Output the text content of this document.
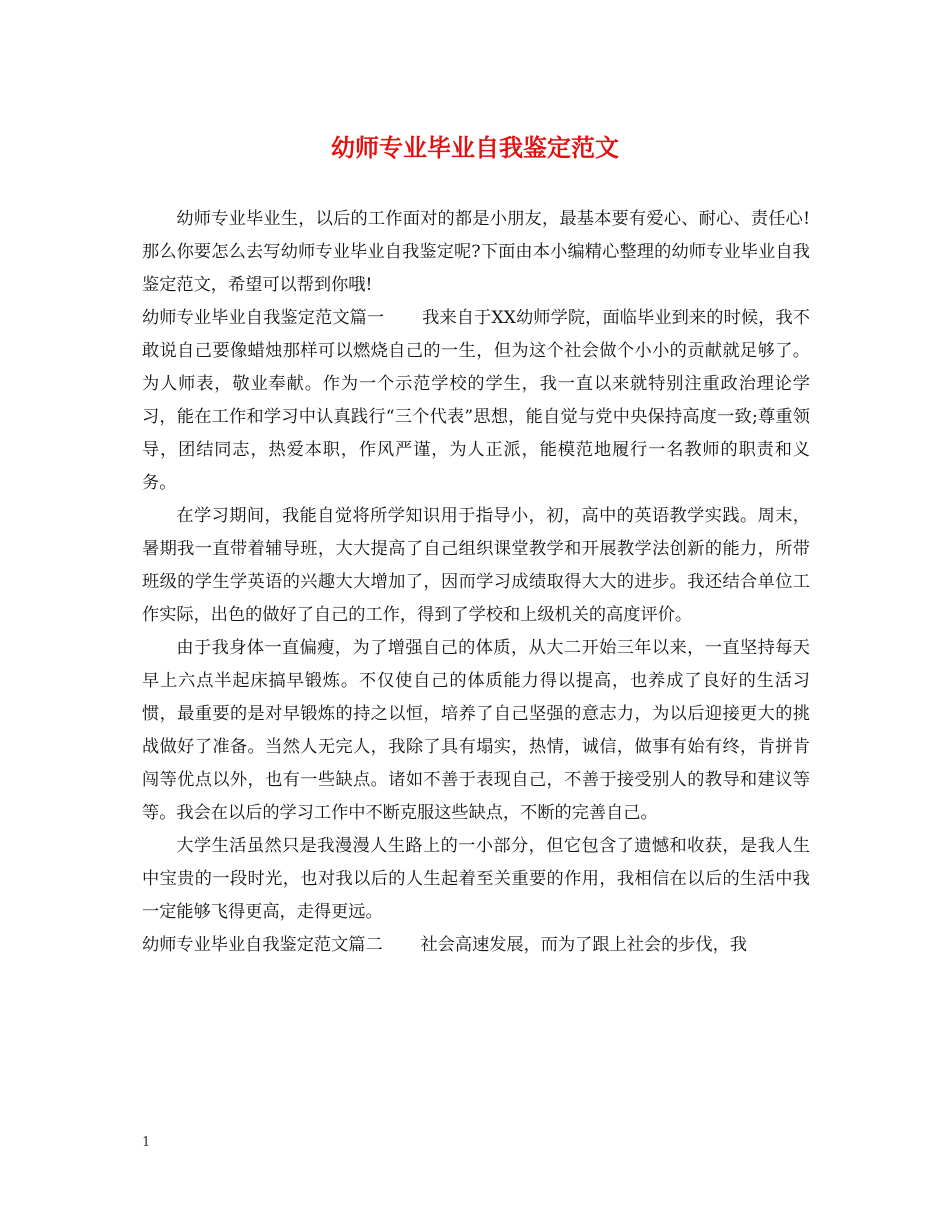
幼师专业毕业自我鉴定范文

幼师专业毕业生，以后的工作面对的都是小朋友，最基本要有爱心、耐心、责任心!那么你要怎么去写幼师专业毕业自我鉴定呢?下面由本小编精心整理的幼师专业毕业自我鉴定范文，希望可以帮到你哦!

幼师专业毕业自我鉴定范文篇一 我来自于XX幼师学院，面临毕业到来的时候，我不敢说自己要像蜡烛那样可以燃烧自己的一生，但为这个社会做个小小的贡献就足够了。为人师表，敬业奉献。作为一个示范学校的学生，我一直以来就特别注重政治理论学习，能在工作和学习中认真践行“三个代表”思想，能自觉与党中央保持高度一致;尊重领导，团结同志，热爱本职，作风严谨，为人正派，能模范地履行一名教师的职责和义务。

在学习期间，我能自觉将所学知识用于指导小，初，高中的英语教学实践。周末，暑期我一直带着辅导班，大大提高了自己组织课堂教学和开展教学法创新的能力，所带班级的学生学英语的兴趣大大增加了，因而学习成绩取得大大的进步。我还结合单位工作实际，出色的做好了自己的工作，得到了学校和上级机关的高度评价。

由于我身体一直偏瘦，为了增强自己的体质，从大二开始三年以来，一直坚持每天早上六点半起床搞早锻炼。不仅使自己的体质能力得以提高，也养成了良好的生活习惯，最重要的是对早锻炼的持之以恒，培养了自己坚强的意志力，为以后迎接更大的挑战做好了准备。当然人无完人，我除了具有塌实，热情，诚信，做事有始有终，肯拼肯闯等优点以外，也有一些缺点。诸如不善于表现自己，不善于接受别人的教导和建议等等。我会在以后的学习工作中不断克服这些缺点，不断的完善自己。

大学生活虽然只是我漫漫人生路上的一小部分，但它包含了遗憾和收获，是我人生中宝贵的一段时光，也对我以后的人生起着至关重要的作用，我相信在以后的生活中我一定能够飞得更高，走得更远。

幼师专业毕业自我鉴定范文篇二 社会高速发展，而为了跟上社会的步伐，我

1
